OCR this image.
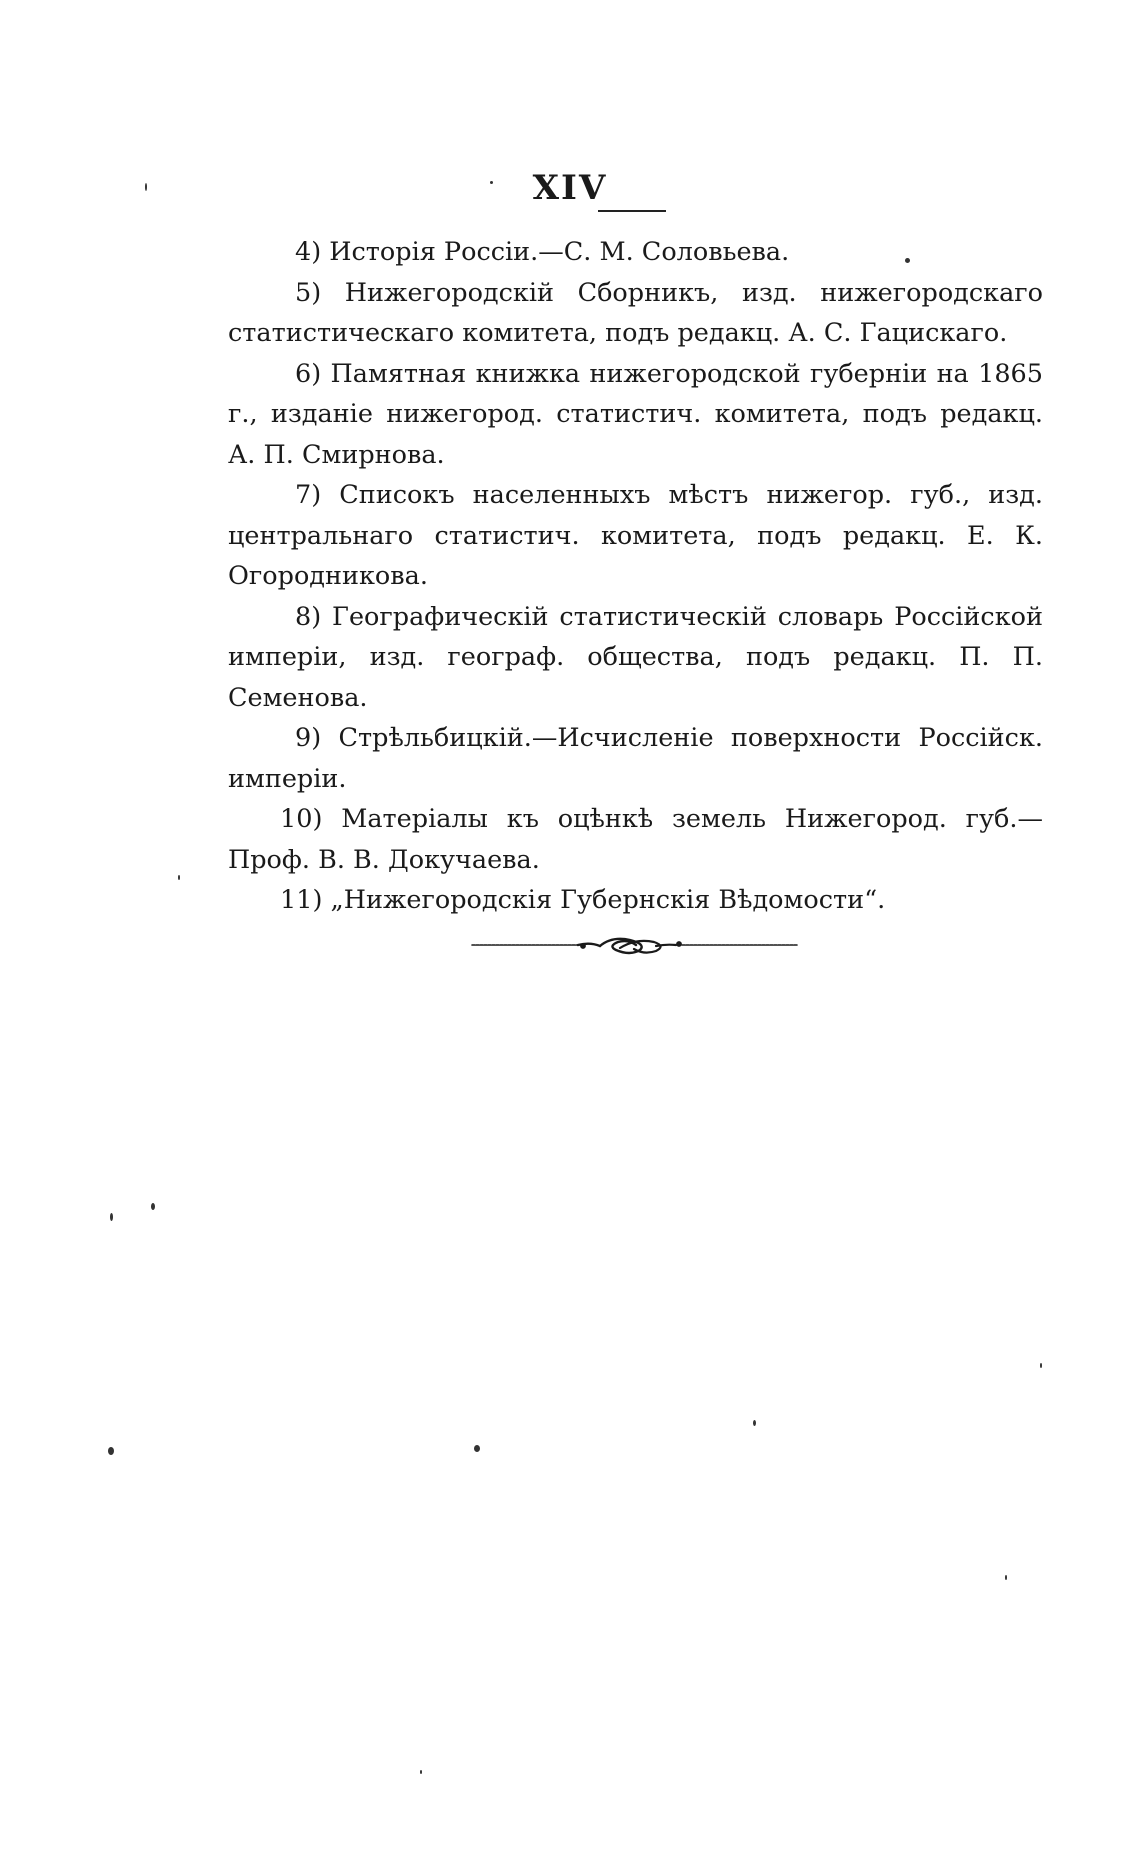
XIV

4) Исторія Россіи.—С. М. Соловьева.

5) Нижегородскій Сборникъ, изд. нижегородскаго статистическаго комитета, подъ редакц. А. С. Гацискаго.

6) Памятная книжка нижегородской губерніи на 1865 г., изданіе нижегород. статистич. комитета, подъ редакц. А. П. Смирнова.

7) Списокъ населенныхъ мѣстъ нижегор. губ., изд. центральнаго статистич. комитета, подъ редакц. Е. К. Огородникова.

8) Географическій статистическій словарь Россійской имперіи, изд. географ. общества, подъ редакц. П. П. Семенова.

9) Стрѣльбицкій.—Исчисленіе поверхности Россійск. имперіи.

10) Матеріалы къ оцѣнкѣ земель Нижегород. губ.—Проф. В. В. Докучаева.

11) „Нижегородскія Губернскія Вѣдомости“.
